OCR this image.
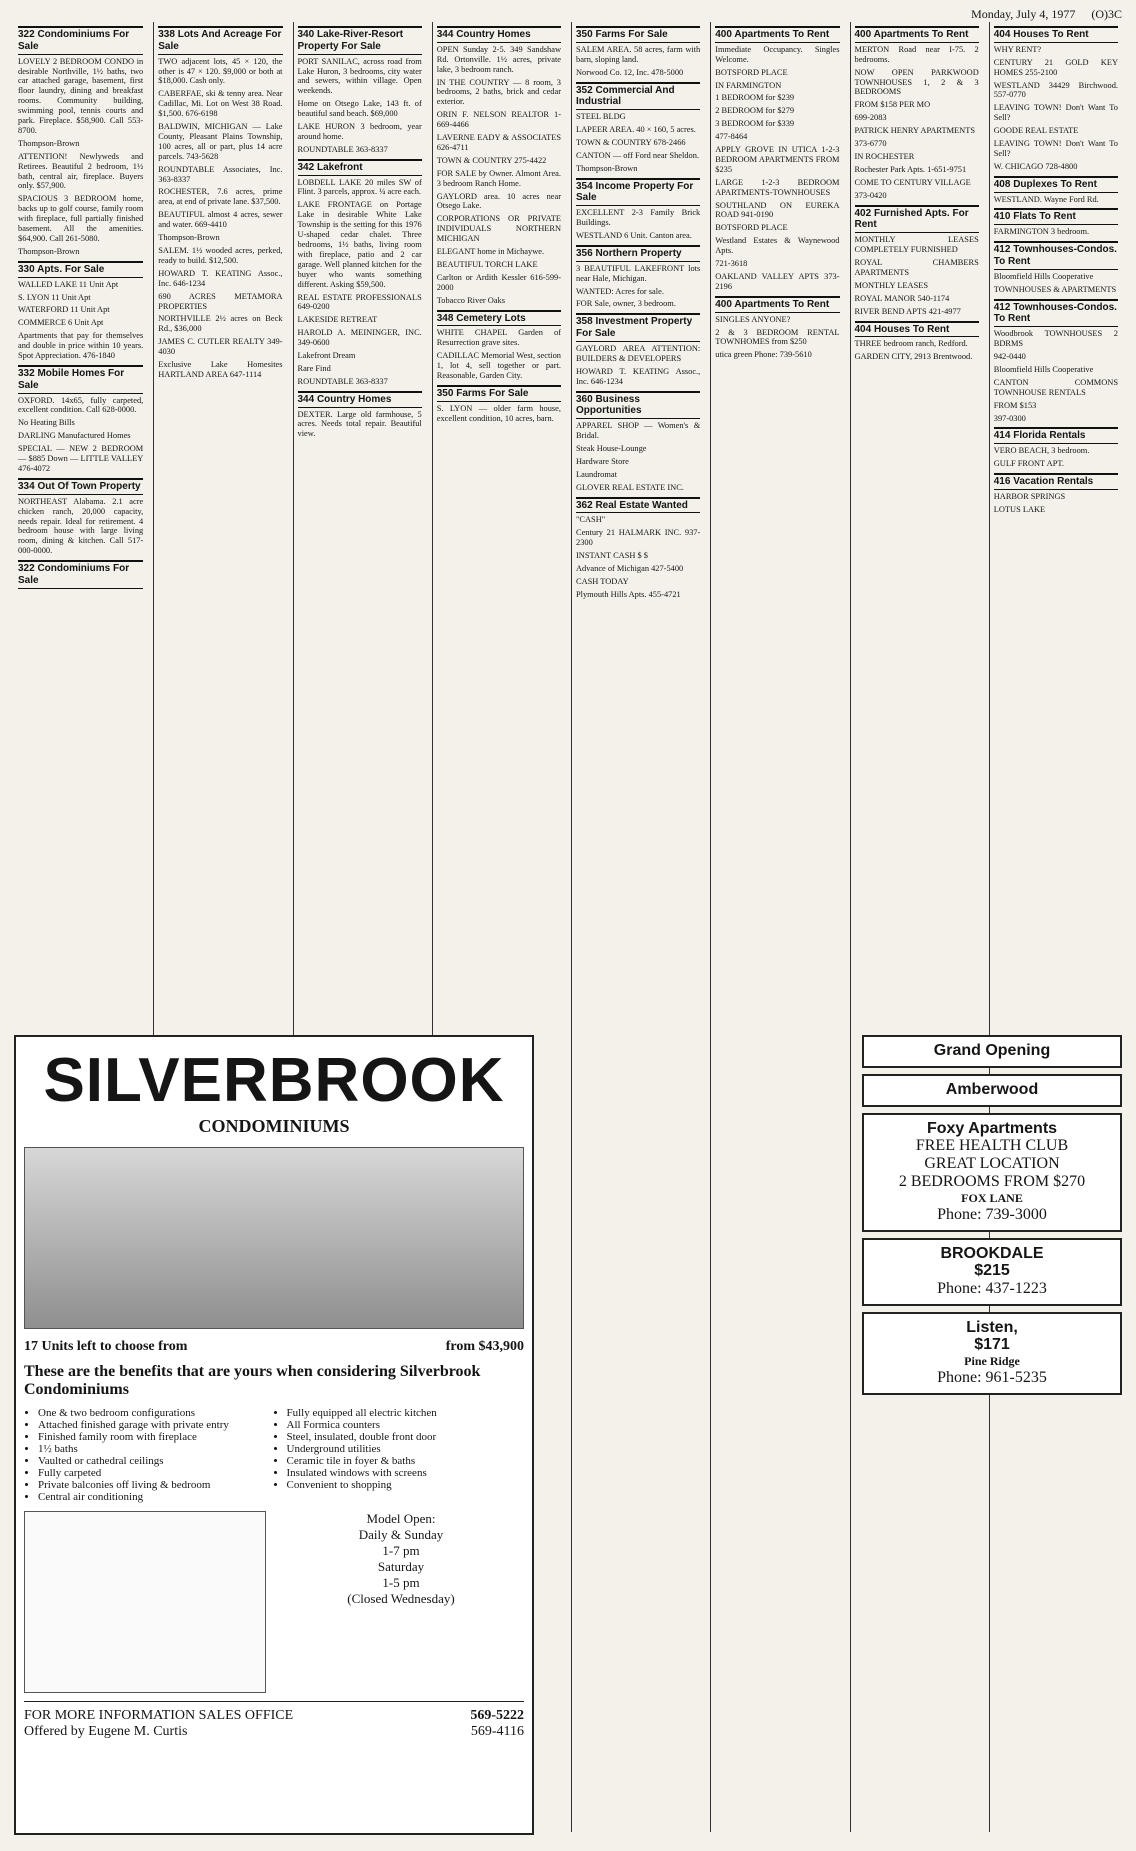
Monday, July 4, 1977 (O)3C
322 Condominiums For Sale
LOVELY 2 BEDROOM CONDO in desirable Northville, 1½ baths, two car attached garage, basement, first floor laundry, dining and breakfast rooms. Community building, swimming pool, tennis courts and park. Fireplace. $58,900. Call 553-8700.
Thompson-Brown
ATTENTION! Newlyweds and Retirees. Beautiful 2 bedroom, 1½ bath, central air, fireplace. Buyers only. $57,900.
SPACIOUS 3 BEDROOM home, backs up to golf course, family room with fireplace, full partially finished basement. All the amenities. $64,900. Call 261-5080.
Thompson-Brown
330 Apts. For Sale
WALLED LAKE 11 Unit Apt
S. LYON 11 Unit Apt
WATERFORD 11 Unit Apt
COMMERCE 6 Unit Apt
Apartments that pay for themselves and double in price within 10 years. Spot Appreciation. 476-1840
332 Mobile Homes For Sale
OXFORD. 14x65, fully carpeted, excellent condition. Call 628-0000.
No Heating Bills
DARLING Manufactured Homes
SPECIAL — NEW 2 BEDROOM — $885 Down — LITTLE VALLEY 476-4072
334 Out Of Town Property
NORTHEAST Alabama. 2.1 acre chicken ranch, 20,000 capacity, needs repair. Ideal for retirement. 4 bedroom house with large living room, dining & kitchen. Call 517-000-0000.
322 Condominiums For Sale
338 Lots And Acreage For Sale
TWO adjacent lots, 45 × 120, the other is 47 × 120. $9,000 or both at $18,000. Cash only.
CABERFAE, ski & tenny area. Near Cadillac, Mi. Lot on West 38 Road. $1,500. 676-6198
BALDWIN, MICHIGAN — Lake County, Pleasant Plains Township, 100 acres, all or part, plus 14 acre parcels. 743-5628
ROUNDTABLE Associates, Inc. 363-8337
ROCHESTER, 7.6 acres, prime area, at end of private lane. $37,500.
BEAUTIFUL almost 4 acres, sewer and water. 669-4410
Thompson-Brown
SALEM. 1½ wooded acres, perked, ready to build. $12,500.
HOWARD T. KEATING Assoc., Inc. 646-1234
690 ACRES METAMORA PROPERTIES
NORTHVILLE 2½ acres on Beck Rd., $36,000
JAMES C. CUTLER REALTY 349-4030
Exclusive Lake Homesites HARTLAND AREA 647-1114
340 Lake-River-Resort Property For Sale
PORT SANILAC, across road from Lake Huron, 3 bedrooms, city water and sewers, within village. Open weekends.
Home on Otsego Lake, 143 ft. of beautiful sand beach. $69,000
LAKE HURON 3 bedroom, year around home.
ROUNDTABLE 363-8337
342 Lakefront
LOBDELL LAKE 20 miles SW of Flint. 3 parcels, approx. ¼ acre each.
LAKE FRONTAGE on Portage Lake in desirable White Lake Township is the setting for this 1976 U-shaped cedar chalet. Three bedrooms, 1½ baths, living room with fireplace, patio and 2 car garage. Well planned kitchen for the buyer who wants something different. Asking $59,500.
REAL ESTATE PROFESSIONALS 649-0200
LAKESIDE RETREAT
HAROLD A. MEININGER, INC. 349-0600
Lakefront Dream
Rare Find
ROUNDTABLE 363-8337
344 Country Homes
DEXTER. Large old farmhouse, 5 acres. Needs total repair. Beautiful view.
344 Country Homes
OPEN Sunday 2-5. 349 Sandshaw Rd. Ortonville. 1½ acres, private lake, 3 bedroom ranch.
IN THE COUNTRY — 8 room, 3 bedrooms, 2 baths, brick and cedar exterior.
ORIN F. NELSON REALTOR 1-669-4466
LAVERNE EADY & ASSOCIATES 626-4711
TOWN & COUNTRY 275-4422
FOR SALE by Owner. Almont Area. 3 bedroom Ranch Home.
GAYLORD area. 10 acres near Otsego Lake.
CORPORATIONS OR PRIVATE INDIVIDUALS NORTHERN MICHIGAN
ELEGANT home in Michaywe.
BEAUTIFUL TORCH LAKE
Carlton or Ardith Kessler 616-599-2000
Tobacco River Oaks
348 Cemetery Lots
WHITE CHAPEL Garden of Resurrection grave sites.
CADILLAC Memorial West, section 1, lot 4, sell together or part. Reasonable, Garden City.
350 Farms For Sale
S. LYON — older farm house, excellent condition, 10 acres, barn.
350 Farms For Sale
SALEM AREA. 58 acres, farm with barn, sloping land.
Norwood Co. 12, Inc. 478-5000
352 Commercial And Industrial
STEEL BLDG
LAPEER AREA. 40 × 160, 5 acres.
TOWN & COUNTRY 678-2466
CANTON — off Ford near Sheldon.
Thompson-Brown
354 Income Property For Sale
EXCELLENT 2-3 Family Brick Buildings.
WESTLAND 6 Unit. Canton area.
356 Northern Property
3 BEAUTIFUL LAKEFRONT lots near Hale, Michigan.
WANTED: Acres for sale.
FOR Sale, owner, 3 bedroom.
358 Investment Property For Sale
GAYLORD AREA ATTENTION: BUILDERS & DEVELOPERS
HOWARD T. KEATING Assoc., Inc. 646-1234
360 Business Opportunities
APPAREL SHOP — Women's & Bridal.
Steak House-Lounge
Hardware Store
Laundromat
GLOVER REAL ESTATE INC.
362 Real Estate Wanted
"CASH"
Century 21 HALMARK INC. 937-2300
INSTANT CASH $ $
Advance of Michigan 427-5400
CASH TODAY
Plymouth Hills Apts. 455-4721
400 Apartments To Rent
Immediate Occupancy. Singles Welcome.
BOTSFORD PLACE
IN FARMINGTON
1 BEDROOM for $239
2 BEDROOM for $279
3 BEDROOM for $339
477-8464
APPLY GROVE IN UTICA 1-2-3 BEDROOM APARTMENTS FROM $235
LARGE 1-2-3 BEDROOM APARTMENTS-TOWNHOUSES
SOUTHLAND ON EUREKA ROAD 941-0190
BOTSFORD PLACE
Westland Estates & Waynewood Apts.
721-3618
OAKLAND VALLEY APTS 373-2196
400 Apartments To Rent
SINGLES ANYONE?
2 & 3 BEDROOM RENTAL TOWNHOMES from $250
utica green Phone: 739-5610
400 Apartments To Rent
MERTON Road near I-75. 2 bedrooms.
NOW OPEN PARKWOOD TOWNHOUSES 1, 2 & 3 BEDROOMS
FROM $158 PER MO
699-2083
PATRICK HENRY APARTMENTS
373-6770
IN ROCHESTER
Rochester Park Apts. 1-651-9751
COME TO CENTURY VILLAGE
373-0420
402 Furnished Apts. For Rent
MONTHLY LEASES COMPLETELY FURNISHED
ROYAL CHAMBERS APARTMENTS
MONTHLY LEASES
ROYAL MANOR 540-1174
RIVER BEND APTS 421-4977
404 Houses To Rent
THREE bedroom ranch, Redford.
GARDEN CITY, 2913 Brentwood.
404 Houses To Rent
WHY RENT?
CENTURY 21 GOLD KEY HOMES 255-2100
WESTLAND 34429 Birchwood. 557-0770
LEAVING TOWN! Don't Want To Sell?
GOODE REAL ESTATE
LEAVING TOWN! Don't Want To Sell?
W. CHICAGO 728-4800
408 Duplexes To Rent
WESTLAND. Wayne Ford Rd.
410 Flats To Rent
FARMINGTON 3 bedroom.
412 Townhouses-Condos. To Rent
Bloomfield Hills Cooperative
TOWNHOUSES & APARTMENTS
412 Townhouses-Condos. To Rent
Woodbrook TOWNHOUSES 2 BDRMS
942-0440
Bloomfield Hills Cooperative
CANTON COMMONS TOWNHOUSE RENTALS
FROM $153
397-0300
414 Florida Rentals
VERO BEACH, 3 bedroom.
GULF FRONT APT.
416 Vacation Rentals
HARBOR SPRINGS
LOTUS LAKE
SILVERBROOK
CONDOMINIUMS
17 Units left to choose from	from $43,900
These are the benefits that are yours when considering Silverbrook Condominiums
• One & two bedroom configurations
• Attached finished garage with private entry
• Finished family room with fireplace
• 1½ baths
• Vaulted or cathedral ceilings
• Fully carpeted
• Private balconies off living & bedroom
• Central air conditioning
• Fully equipped all electric kitchen
• All Formica counters
• Steel, insulated, double front door
• Underground utilities
• Ceramic tile in foyer & baths
• Insulated windows with screens
• Convenient to shopping
Model Open:
Daily & Sunday
1-7 pm
Saturday
1-5 pm
(Closed Wednesday)
FOR MORE INFORMATION SALES OFFICE	569-5222
Offered by Eugene M. Curtis	569-4116
Grand Opening
Amberwood
Foxy Apartments
FREE HEALTH CLUB
GREAT LOCATION
2 BEDROOMS FROM $270
FOX LANE
Phone: 739-3000
BROOKDALE
$215
Phone: 437-1223
Listen,
$171
Pine Ridge
Phone: 961-5235
